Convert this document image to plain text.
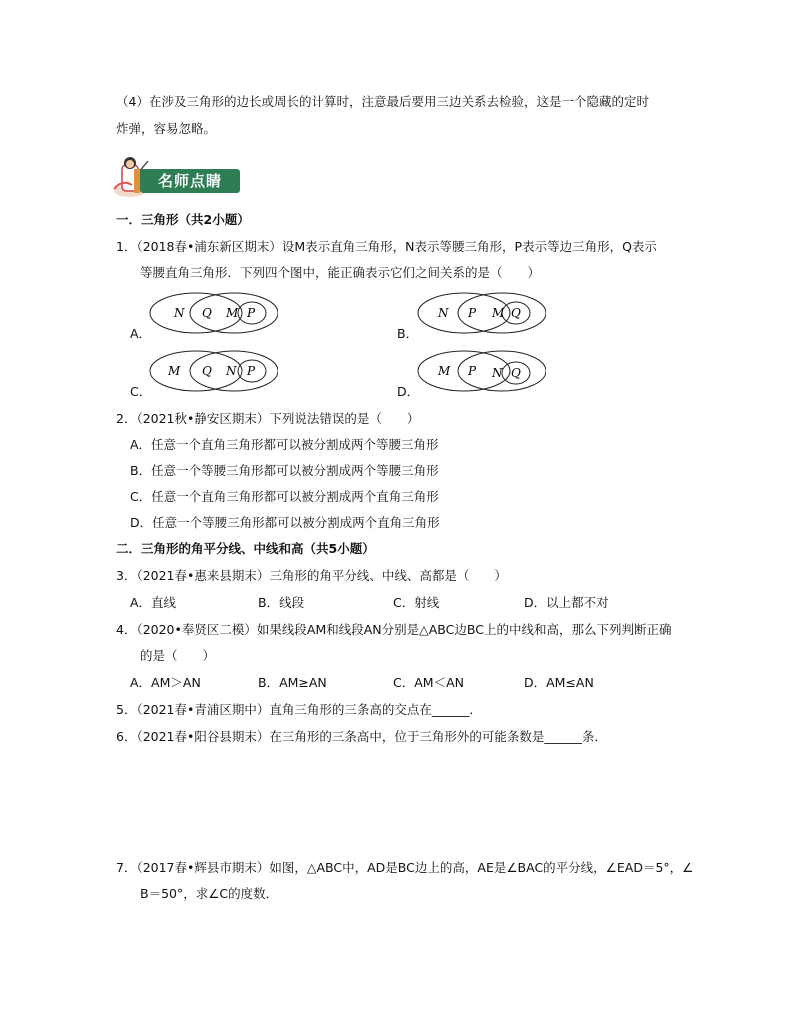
（4）在涉及三角形的边长或周长的计算时，注意最后要用三边关系去检验，这是一个隐藏的定时
炸弹，容易忽略。
名师点睛
一．三角形（共2小题）
1．（2018春•浦东新区期末）设M表示直角三角形，N表示等腰三角形，P表示等边三角形，Q表示
等腰直角三角形．下列四个图中，能正确表示它们之间关系的是（　　）
A．
N Q M P
B．
N P M Q
C．
M Q N P
D．
M P N Q
2．（2021秋•静安区期末）下列说法错误的是（　　）
A．任意一个直角三角形都可以被分割成两个等腰三角形
B．任意一个等腰三角形都可以被分割成两个等腰三角形
C．任意一个直角三角形都可以被分割成两个直角三角形
D．任意一个等腰三角形都可以被分割成两个直角三角形
二．三角形的角平分线、中线和高（共5小题）
3．（2021春•惠来县期末）三角形的角平分线、中线、高都是（　　）
A．直线	B．线段	C．射线	D．以上都不对
4．（2020•奉贤区二模）如果线段AM和线段AN分别是△ABC边BC上的中线和高，那么下列判断正确
的是（　　）
A．AM＞AN	B．AM≥AN	C．AM＜AN	D．AM≤AN
5．（2021春•青浦区期中）直角三角形的三条高的交点在______．
6．（2021春•阳谷县期末）在三角形的三条高中，位于三角形外的可能条数是______条．
7．（2017春•辉县市期末）如图，△ABC中，AD是BC边上的高，AE是∠BAC的平分线，∠EAD＝5°，∠
B＝50°，求∠C的度数．
